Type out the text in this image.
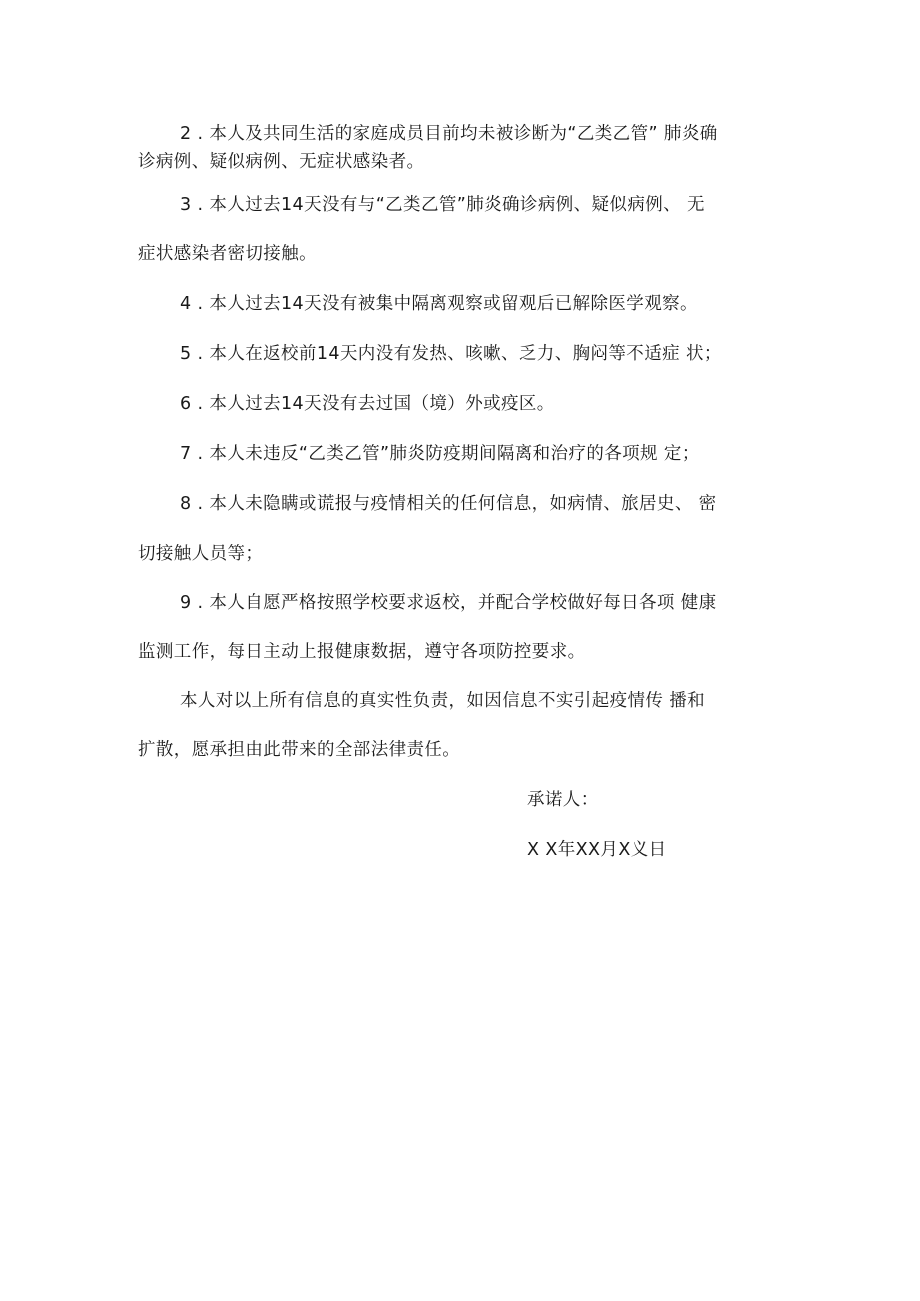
2 . 本人及共同生活的家庭成员目前均未被诊断为“乙类乙管” 肺炎确
诊病例、疑似病例、无症状感染者。
3 . 本人过去14天没有与“乙类乙管”肺炎确诊病例、疑似病例、 无
症状感染者密切接触。
4 . 本人过去14天没有被集中隔离观察或留观后已解除医学观察。
5 . 本人在返校前14天内没有发热、咳嗽、乏力、胸闷等不适症 状；
6 . 本人过去14天没有去过国（境）外或疫区。
7 . 本人未违反“乙类乙管”肺炎防疫期间隔离和治疗的各项规 定；
8 . 本人未隐瞒或谎报与疫情相关的任何信息，如病情、旅居史、 密
切接触人员等；
9 . 本人自愿严格按照学校要求返校，并配合学校做好每日各项 健康
监测工作，每日主动上报健康数据，遵守各项防控要求。
本人对以上所有信息的真实性负责，如因信息不实引起疫情传 播和
扩散，愿承担由此带来的全部法律责任。
承诺人：
X X年XX月X义日
